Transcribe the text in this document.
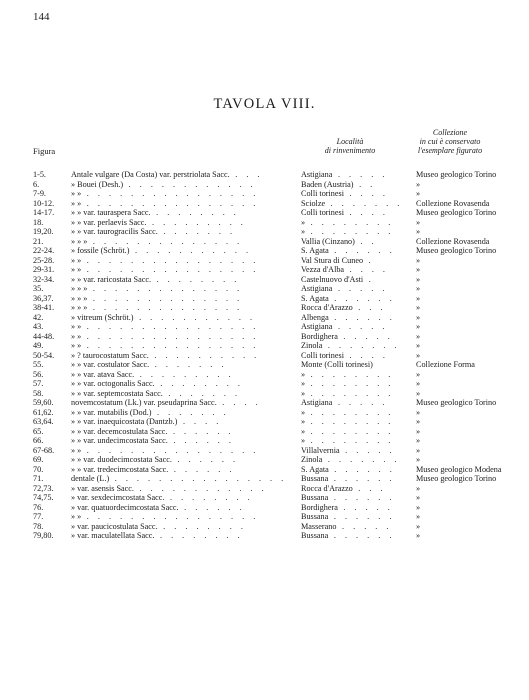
144
TAVOLA VIII.
Figura
Località
di rinvenimento
Collezione
in cui è conservato
l'esemplare figurato
1-5.	Antale vulgare (Da Costa) var. perstriolata Sacc. . . .	Astigiana . . . . .	Museo geologico Torino
6.	» Bouei (Desh.) . . . . . . . . . . . .	Baden (Austria) . .	»
7-9.	» » . . . . . . . . . . . . . . . .	Colli torinesi . . . .	»
10-12. » » . . . . . . . . . . . . . . . .	Sciolze . . . . . . . Collezione Rovasenda
14-17. » » var. tauraspera Sacc. . . . . . . . .	Colli torinesi . . . .	Museo geologico Torino
18.	» » var. perlaevis Sacc. . . . . . . . . .	» . . . . . . . .	»
19,20. » » var. taurogracilis Sacc. . . . . . . .	» . . . . . . . .	»
21.	» » » . . . . . . . . . . . . . .	Vallia (Cinzano) . .	Collezione Rovasenda
22-24. » fossile (Schröt.) . . . . . . . . . . .	S. Agata . . . . . .	Museo geologico Torino
25-28. » » . . . . . . . . . . . . . . . .	Val Stura di Cuneo .	»
29-31. » » . . . . . . . . . . . . . . . .	Vezza d'Alba . . . .	»
32-34. » » var. raricostata Sacc. . . . . . . . .	Castelnuovo d'Asti .	»
35.	» » » . . . . . . . . . . . . . .	Astigiana . . . . .	»
36,37. » » » . . . . . . . . . . . . . .	S. Agata . . . . . .	»
38-41. » » » . . . . . . . . . . . . . .	Rocca d'Arazzo . . .	»
42.	» vitreum (Schröt.) . . . . . . . . . . .	Albenga . . . . . .	»
43.	» » . . . . . . . . . . . . . . . .	Astigiana . . . . .	»
44-48. » » . . . . . . . . . . . . . . . .	Bordighera . . . . .	»
49.	» » . . . . . . . . . . . . . . . .	Zinola . . . . . . .	»
50-54. » ? taurocostatum Sacc. . . . . . . . . . .	Colli torinesi . . . .	»
55.	» » var. costulator Sacc. . . . . . . .	Monte (Colli torinesi)	Collezione Forma
56.	» » var. atavа Sacc. . . . . . . . . .	» . . . . . . . .	»
57.	» » var. octogonalis Sacc. . . . . . . . .	» . . . . . . . .	»
58.	» » var. septemcostata Sacc. . . . . . . .	» . . . . . . . .	»
59,60. novemcostatum (Lk.) var. pseudaprina Sacc. . . . .	Astigiana . . . . .	Museo geologico Torino
61,62. » » var. mutabilis (Dod.) . . . . . . .	» . . . . . . . .	»
63,64. » » var. inaequicostata (Dantzb.) . . . .	» . . . . . . . .	»
65.	» » var. decemcostulata Sacc. . . . . . .	» . . . . . . . .	»
66.	» » var. undecimcostata Sacc. . . . . . .	» . . . . . . . .	»
67-68. » » . . . . . . . . . . . . . . . .	Villalvernia . . . . .	»
69.	» » var. duodecimcostata Sacc. . . . . . .	Zinola . . . . . . .	»
70.	» » var. tredecimcostata Sacc. . . . . . .	S. Agata . . . . . .	Museo geologico Modena
71.	dentale (L.) . . . . . . . . . . . . . . . .	Bussana . . . . . .	Museo geologico Torino
72,73. » var. asensis Sacc. . . . . . . . . . . . .	Rocca d'Arazzo . . .	»
74,75. » var. sexdecimcostata Sacc. . . . . . . . .	Bussana . . . . . .	»
76.	» var. quatuordecimcostata Sacc. . . . . . .	Bordighera . . . . .	»
77.	» » . . . . . . . . . . . . . . . .	Bussana . . . . . .	»
78.	» var. paucicostulata Sacc. . . . . . . . .	Masserano . . . . .	»
79,80. » var. maculatellata Sacc. . . . . . . . .	Bussana . . . . . .	»
